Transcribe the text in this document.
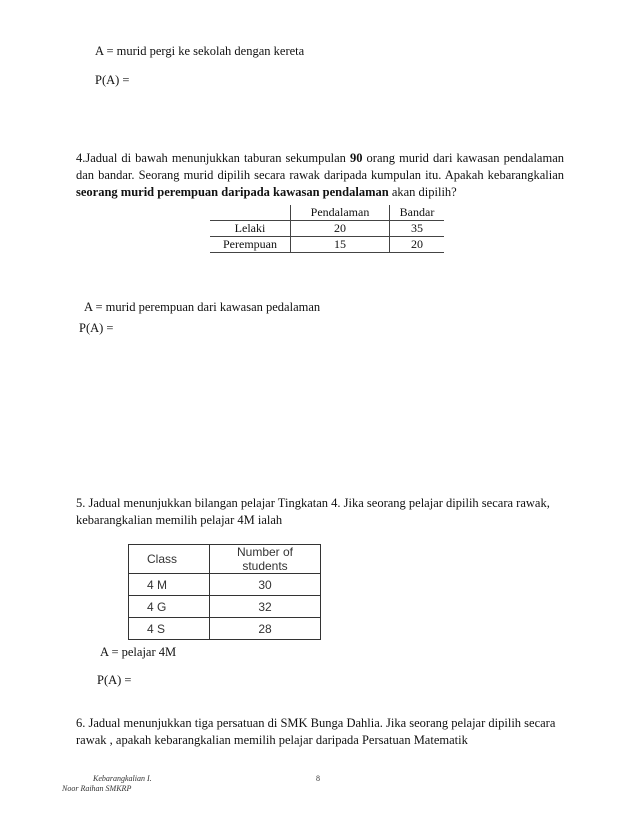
A = murid pergi ke sekolah dengan kereta
P(A) =
4.Jadual di bawah menunjukkan taburan sekumpulan 90 orang murid dari kawasan pendalaman dan bandar. Seorang murid dipilih secara rawak daripada kumpulan itu. Apakah kebarangkalian seorang murid perempuan daripada kawasan pendalaman akan dipilih?
	Pendalaman	Bandar
Lelaki	20	35
Perempuan	15	20
A = murid perempuan dari kawasan pedalaman
P(A) =
5. Jadual menunjukkan bilangan pelajar Tingkatan 4. Jika seorang pelajar dipilih secara rawak, kebarangkalian memilih pelajar 4M ialah
Class	Number of students
4 M	30
4 G	32
4 S	28
A = pelajar 4M
P(A) =
6. Jadual menunjukkan tiga persatuan di SMK Bunga Dahlia. Jika seorang pelajar dipilih secara rawak , apakah kebarangkalian memilih pelajar daripada Persatuan Matematik
Kebarangkalian I.
Noor Raihan SMKRP
8
